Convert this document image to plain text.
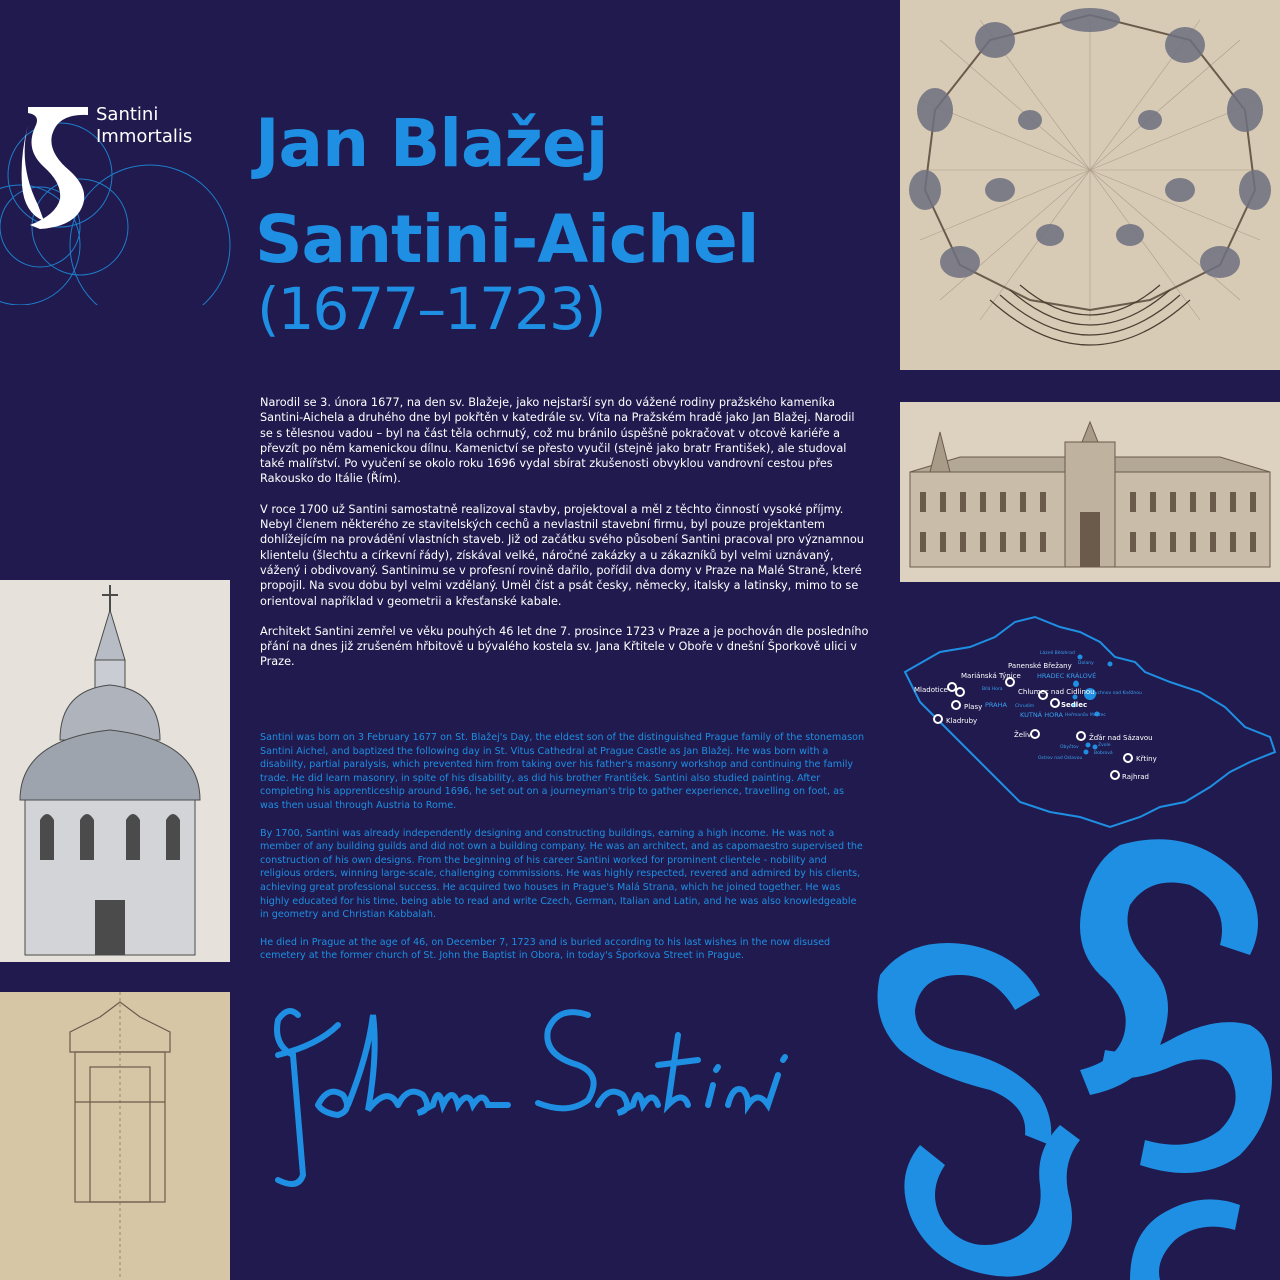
Santini
Immortalis Jan Blažej
Santini-Aichel
(1677–1723)

Narodil se 3. února 1677, na den sv. Blažeje, jako nejstarší syn do vážené rodiny pražského kameníka Santini-Aichela a druhého dne byl pokřtěn v katedrále sv. Víta na Pražském hradě jako Jan Blažej. Narodil se s tělesnou vadou – byl na část těla ochrnutý, což mu bránilo úspěšně pokračovat v otcově kariéře a převzít po něm kamenickou dílnu. Kamenictví se přesto vyučil (stejně jako bratr František), ale studoval také malířství. Po vyučení se okolo roku 1696 vydal sbírat zkušenosti obvyklou vandrovní cestou přes Rakousko do Itálie (Řím).

V roce 1700 už Santini samostatně realizoval stavby, projektoval a měl z těchto činností vysoké příjmy. Nebyl členem některého ze stavitelských cechů a nevlastnil stavební firmu, byl pouze projektantem dohlížejícím na provádění vlastních staveb. Již od začátku svého působení Santini pracoval pro významnou klientelu (šlechtu a církevní řády), získával velké, náročné zakázky a u zákazníků byl velmi uznávaný, vážený i obdivovaný. Santinimu se v profesní rovině dařilo, pořídil dva domy v Praze na Malé Straně, které propojil. Na svou dobu byl velmi vzdělaný. Uměl číst a psát česky, německy, italsky a latinsky, mimo to se orientoval například v geometrii a křesťanské kabale.

Architekt Santini zemřel ve věku pouhých 46 let dne 7. prosince 1723 v Praze a je pochován dle posledního přání na dnes již zrušeném hřbitově u bývalého kostela sv. Jana Křtitele v Oboře v dnešní Šporkově ulici v Praze.

Santini was born on 3 February 1677 on St. Blažej's Day, the eldest son of the distinguished Prague family of the stonemason Santini Aichel, and baptized the following day in St. Vitus Cathedral at Prague Castle as Jan Blažej. He was born with a disability, partial paralysis, which prevented him from taking over his father's masonry workshop and continuing the family trade. He did learn masonry, in spite of his disability, as did his brother František. Santini also studied painting. After completing his apprenticeship around 1696, he set out on a journeyman's trip to gather experience, travelling on foot, as was then usual through Austria to Rome.

By 1700, Santini was already independently designing and constructing buildings, earning a high income. He was not a member of any building guilds and did not own a building company. He was an architect, and as capomaestro supervised the construction of his own designs. From the beginning of his career Santini worked for prominent clientele - nobility and religious orders, winning large-scale, challenging commissions. He was highly respected, revered and admired by his clients, achieving great professional success. He acquired two houses in Prague's Malá Strana, which he joined together. He was highly educated for his time, being able to read and write Czech, German, Italian and Latin, and he was also knowledgeable in geometry and Christian Kabbalah.

He died in Prague at the age of 46, on December 7, 1723 and is buried according to his last wishes in the now disused cemetery at the former church of St. John the Baptist in Obora, in today's Šporkova Street in Prague.

Mladotice
Mariánská Týnice
Plasy
Kladruby
Panenské Břežany
Chlumec nad Cidlinou
Sedlec
Želiv	Žďár nad Sázavou
Křtiny
Rajhrad
Lázně Bělohrad
Dolany
Bílá Hora
HRADEC KRÁLOVÉ
Rychnov nad Kněžnou
PRAHA Chrudim
KUTNÁ HORA Heřmanův Městec
Obyčtov	Zvole
Bobrová
Ostrov nad Oslavou
